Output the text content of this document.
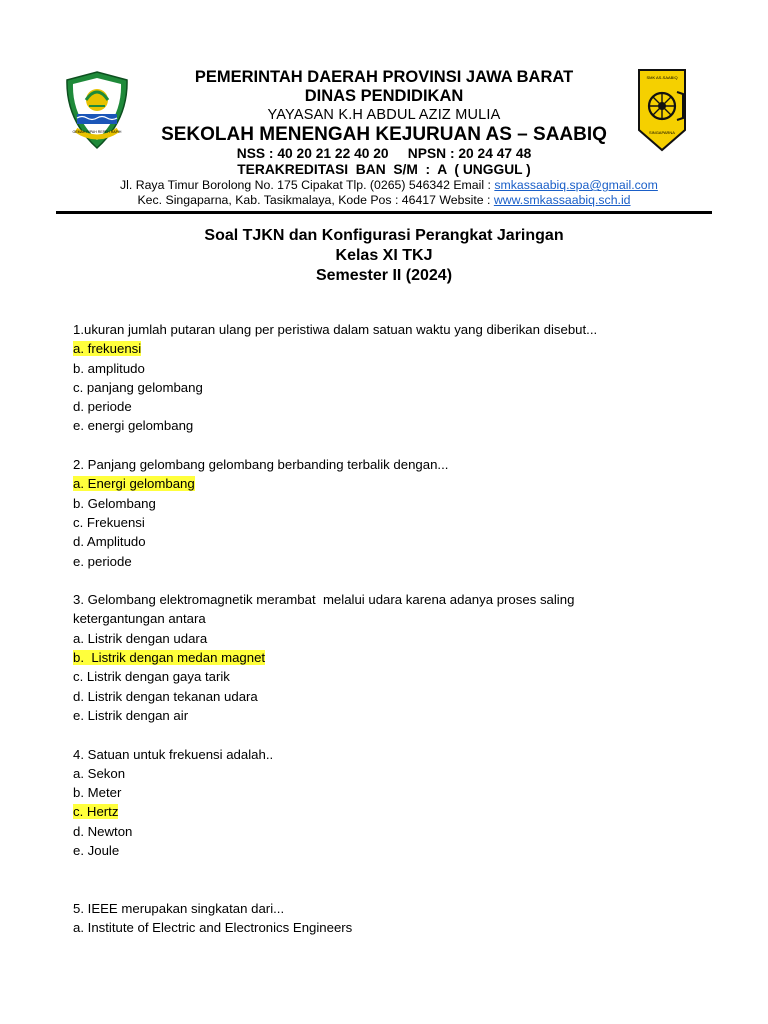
GEMAH RIPAH REPEH RAPIH
SMK AS-SAABIQ
SINGAPARNA
PEMERINTAH DAERAH PROVINSI JAWA BARAT
DINAS PENDIDIKAN
YAYASAN K.H ABDUL AZIZ MULIA
SEKOLAH MENENGAH KEJURUAN AS – SAABIQ
NSS : 40 20 21 22 40 20     NPSN : 20 24 47 48
TERAKREDITASI  BAN  S/M  :  A  ( UNGGUL )
Jl. Raya Timur Borolong No. 175 Cipakat Tlp. (0265) 546342 Email : smkassaabiq.spa@gmail.com
Kec. Singaparna, Kab. Tasikmalaya, Kode Pos : 46417 Website : www.smkassaabiq.sch.id
Soal TJKN dan Konfigurasi Perangkat Jaringan
Kelas XI TKJ
Semester II (2024)
1.ukuran jumlah putaran ulang per peristiwa dalam satuan waktu yang diberikan disebut...
a. frekuensi
b. amplitudo
c. panjang gelombang
d. periode
e. energi gelombang
2. Panjang gelombang gelombang berbanding terbalik dengan...
a. Energi gelombang
b. Gelombang
c. Frekuensi
d. Amplitudo
e. periode
3. Gelombang elektromagnetik merambat  melalui udara karena adanya proses saling
ketergantungan antara
a. Listrik dengan udara
b.  Listrik dengan medan magnet
c. Listrik dengan gaya tarik
d. Listrik dengan tekanan udara
e. Listrik dengan air
4. Satuan untuk frekuensi adalah..
a. Sekon
b. Meter
c. Hertz
d. Newton
e. Joule
5. IEEE merupakan singkatan dari...
a. Institute of Electric and Electronics Engineers
